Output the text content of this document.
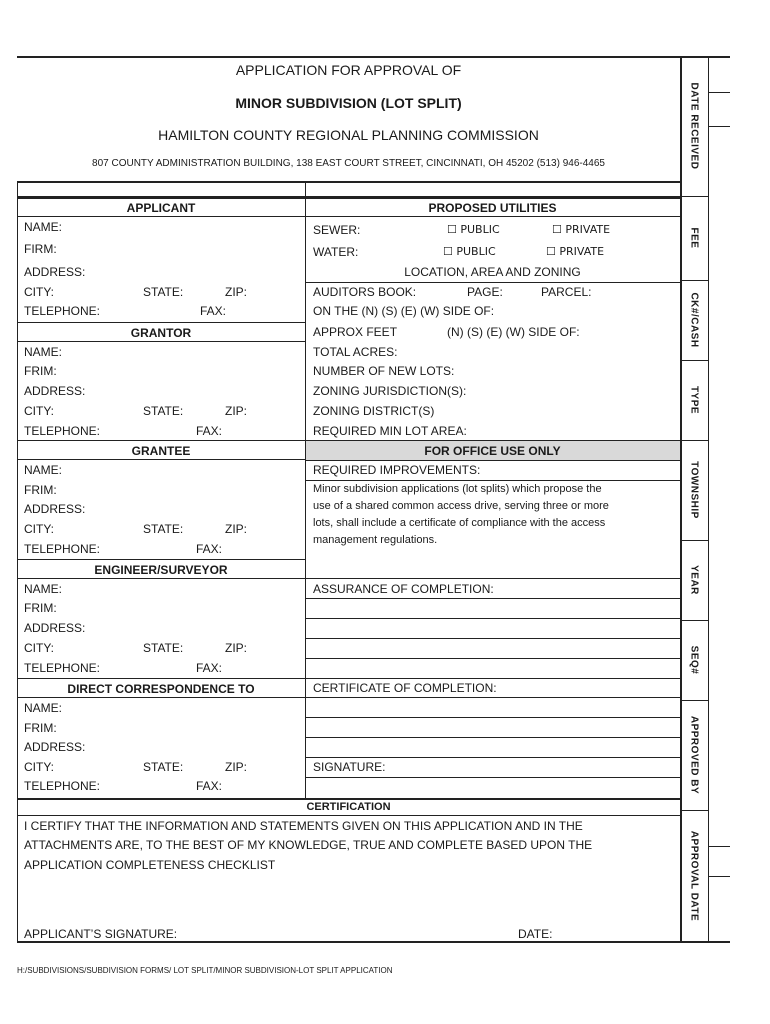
APPLICATION FOR APPROVAL OF
MINOR SUBDIVISION (LOT SPLIT)
HAMILTON COUNTY REGIONAL PLANNING COMMISSION
807 COUNTY ADMINISTRATION BUILDING, 138 EAST COURT STREET, CINCINNATI, OH 45202 (513) 946-4465	DATE RECEIVED
FEE
CK#/CASH
TYPE
TOWNSHIP
YEAR
SEQ#
APPROVED BY
APPROVAL DATE
APPLICANT
NAME:
FIRM:
ADDRESS:
CITY:	STATE:	ZIP:
TELEPHONE:	FAX:
GRANTOR
NAME:
FRIM:
ADDRESS:
CITY:	STATE:	ZIP:
TELEPHONE:	FAX:
GRANTEE
NAME:
FRIM:
ADDRESS:
CITY:	STATE:	ZIP:
TELEPHONE:	FAX:
ENGINEER/SURVEYOR
NAME:
FRIM:
ADDRESS:
CITY:	STATE:	ZIP:
TELEPHONE:	FAX:
DIRECT CORRESPONDENCE TO
NAME:
FRIM:
ADDRESS:
CITY:	STATE:	ZIP:
TELEPHONE:	FAX:
PROPOSED UTILITIES
SEWER:	☐ PUBLIC	☐ PRIVATE
WATER:	☐ PUBLIC	☐ PRIVATE
LOCATION, AREA AND ZONING
AUDITORS BOOK:	PAGE:	PARCEL:
ON THE (N) (S) (E) (W) SIDE OF:
APPROX FEET	(N) (S) (E) (W) SIDE OF:
TOTAL ACRES:
NUMBER OF NEW LOTS:
ZONING JURISDICTION(S):
ZONING DISTRICT(S)
REQUIRED MIN LOT AREA:
FOR OFFICE USE ONLY
REQUIRED IMPROVEMENTS:
Minor subdivision applications (lot splits) which propose the
use of a shared common access drive, serving three or more
lots, shall include a certificate of compliance with the access
management regulations.
ASSURANCE OF COMPLETION:
CERTIFICATE OF COMPLETION:
SIGNATURE:
CERTIFICATION
I CERTIFY THAT THE INFORMATION AND STATEMENTS GIVEN ON THIS APPLICATION AND IN THE
ATTACHMENTS ARE, TO THE BEST OF MY KNOWLEDGE, TRUE AND COMPLETE BASED UPON THE
APPLICATION COMPLETENESS CHECKLIST
APPLICANT’S SIGNATURE:	DATE:
H:/SUBDIVISIONS/SUBDIVISION FORMS/ LOT SPLIT/MINOR SUBDIVISION-LOT SPLIT APPLICATION
